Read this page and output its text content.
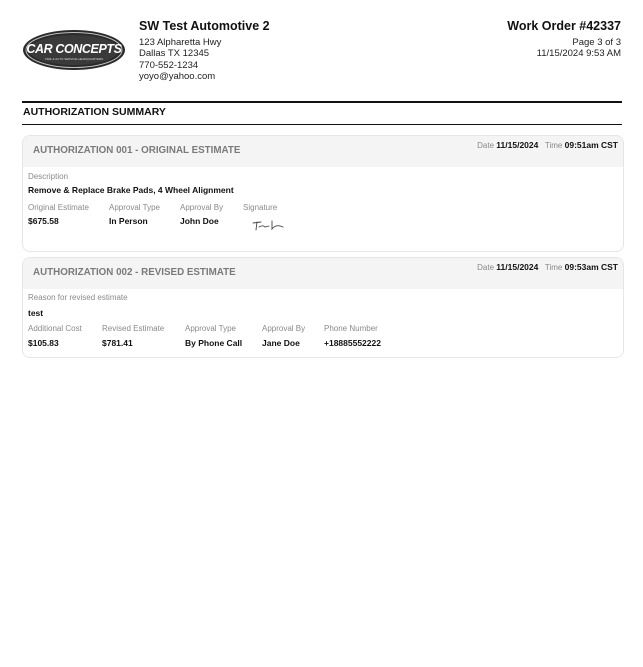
CAR CONCEPTS
TIRE & AUTO SERVICE HEADQUARTERS
SW Test Automotive 2
123 Alpharetta Hwy
Dallas TX 12345
770-552-1234
yoyo@yahoo.com
Work Order #42337
Page 3 of 3
11/15/2024 9:53 AM
AUTHORIZATION SUMMARY
AUTHORIZATION 001 - ORIGINAL ESTIMATE	Date 11/15/2024 Time 09:51am CST
Description
Remove & Replace Brake Pads, 4 Wheel Alignment
Original Estimate
$675.58
Approval Type
In Person
Approval By
John Doe
Signature
AUTHORIZATION 002 - REVISED ESTIMATE	Date 11/15/2024 Time 09:53am CST
Reason for revised estimate
test
Additional Cost
$105.83
Revised Estimate
$781.41
Approval Type
By Phone Call
Approval By
Jane Doe
Phone Number
+18885552222
